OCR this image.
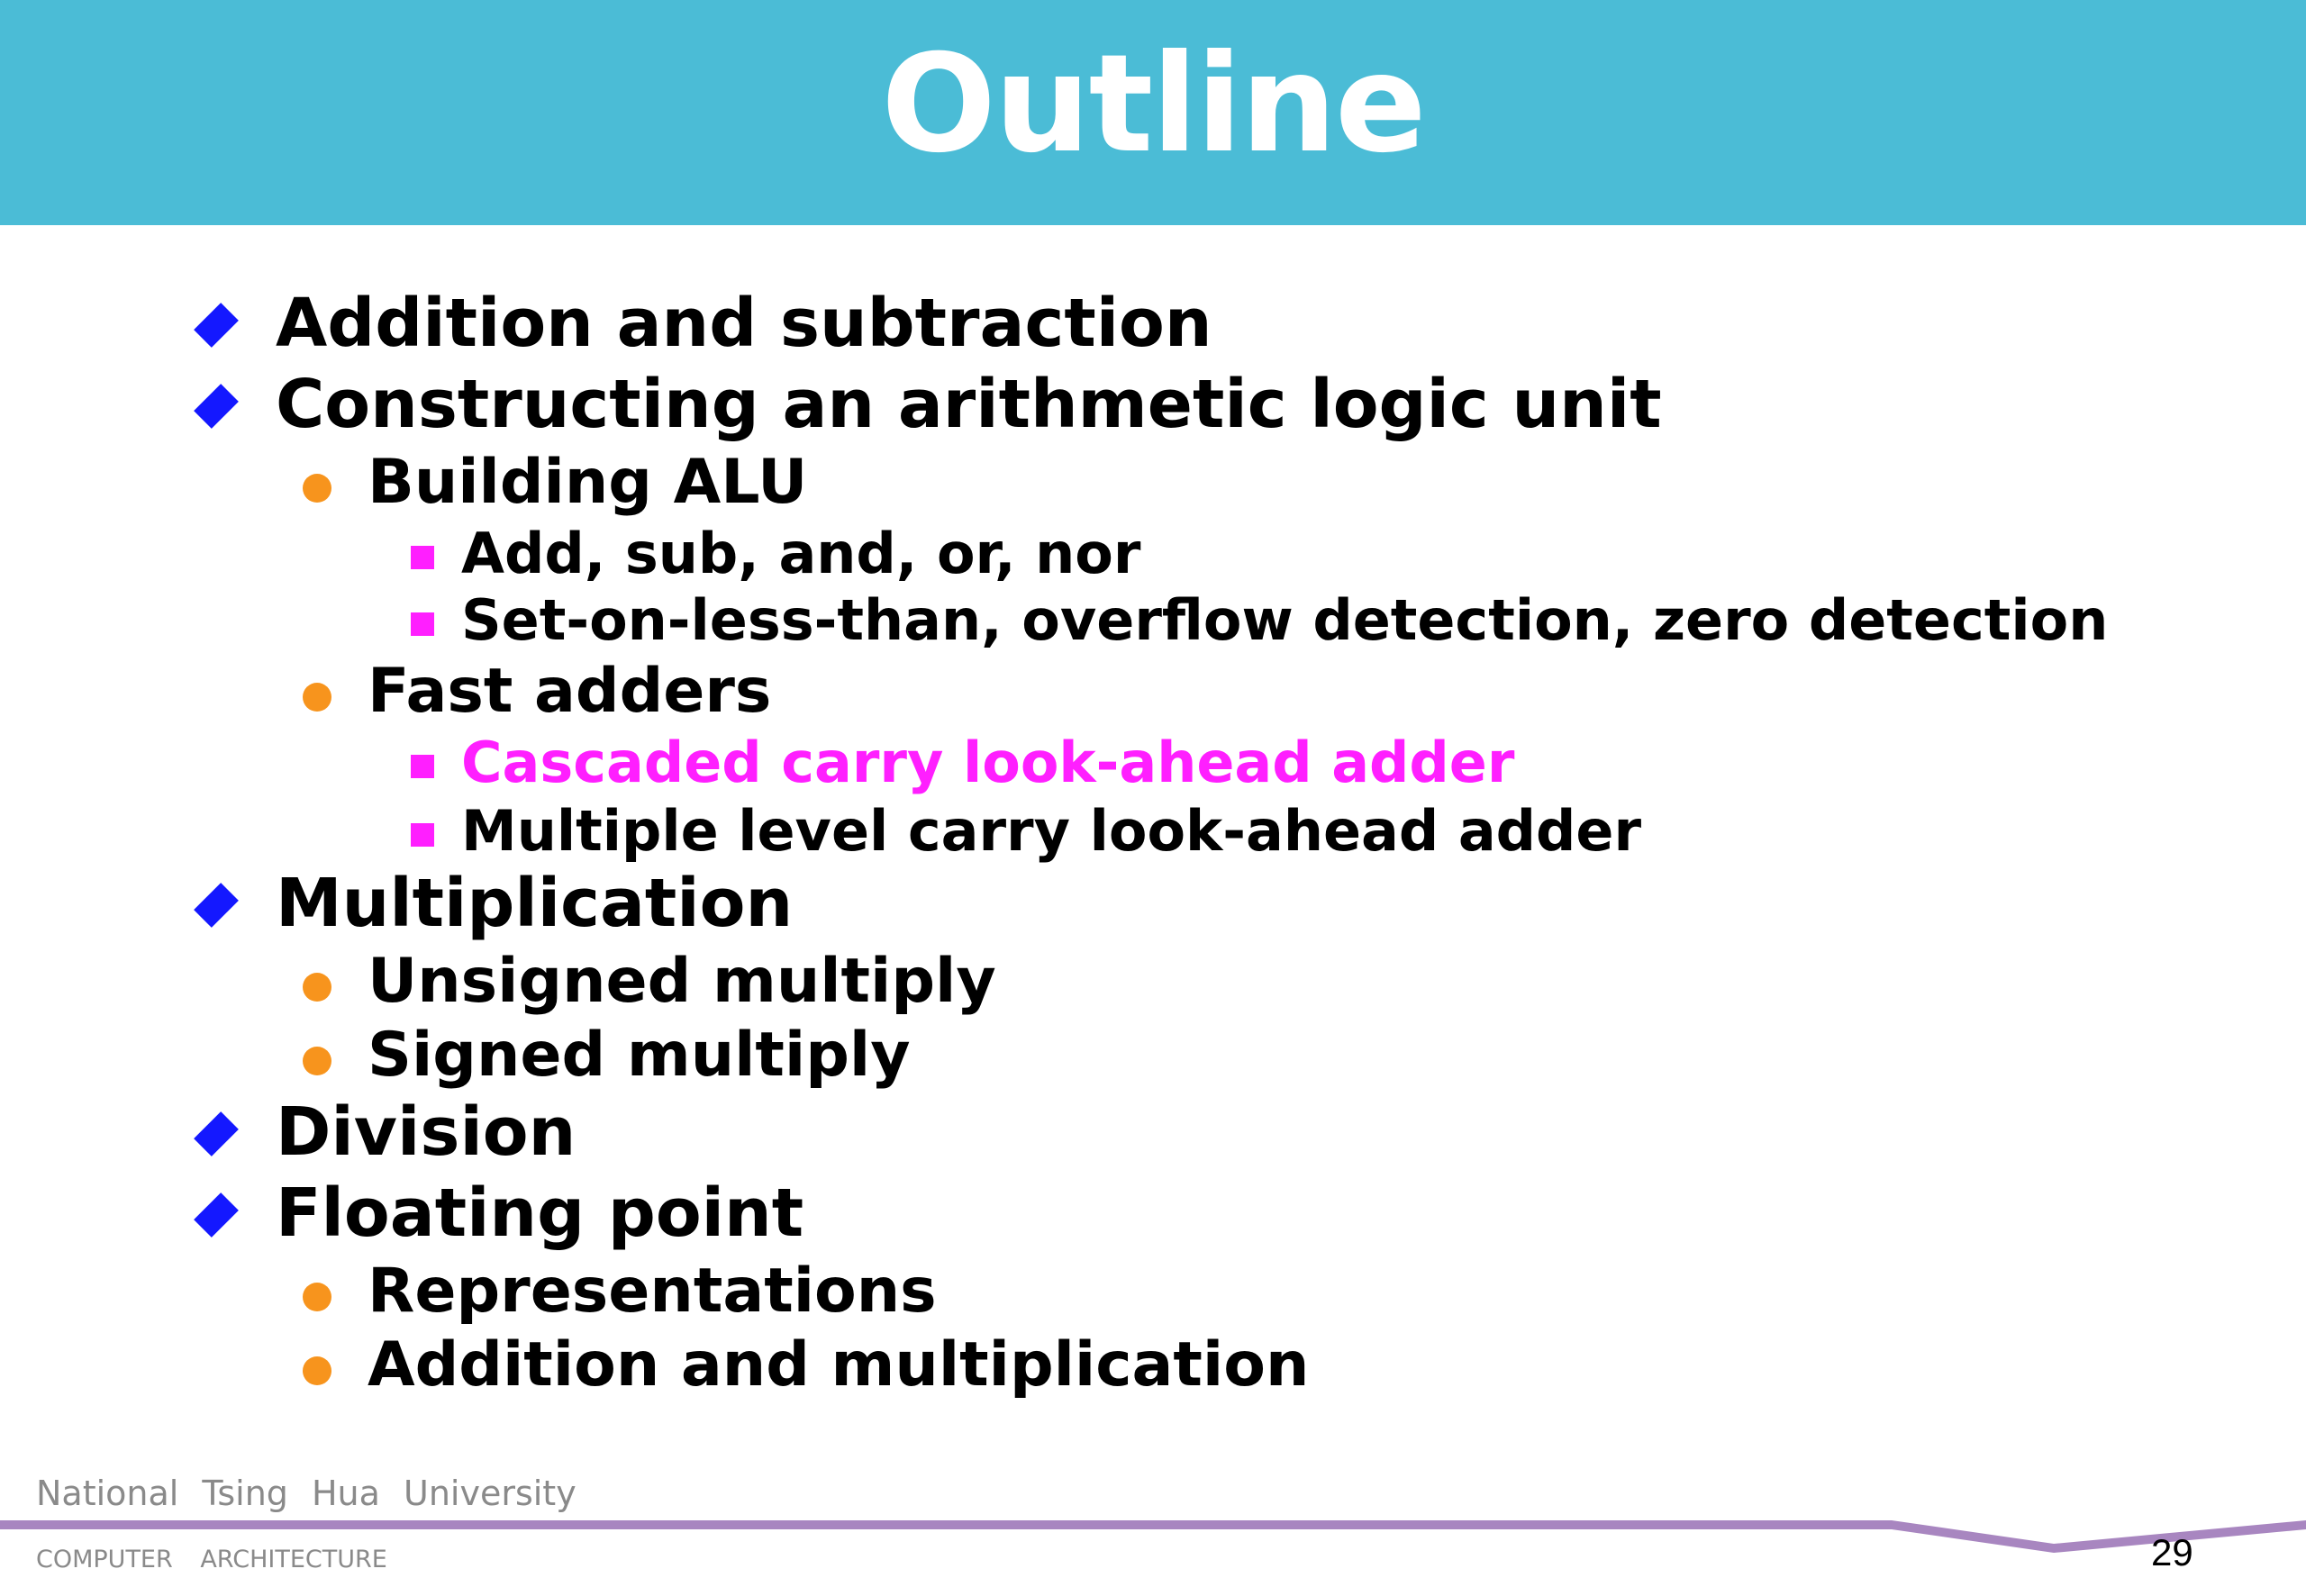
Outline
Addition and subtraction
Constructing an arithmetic logic unit
Building ALU
Add, sub, and, or, nor
Set-on-less-than, overflow detection, zero detection
Fast adders
Cascaded carry look-ahead adder
Multiple level carry look-ahead adder
Multiplication
Unsigned multiply
Signed multiply
Division
Floating point
Representations
Addition and multiplication
National Tsing Hua University
COMPUTER ARCHITECTURE	29
